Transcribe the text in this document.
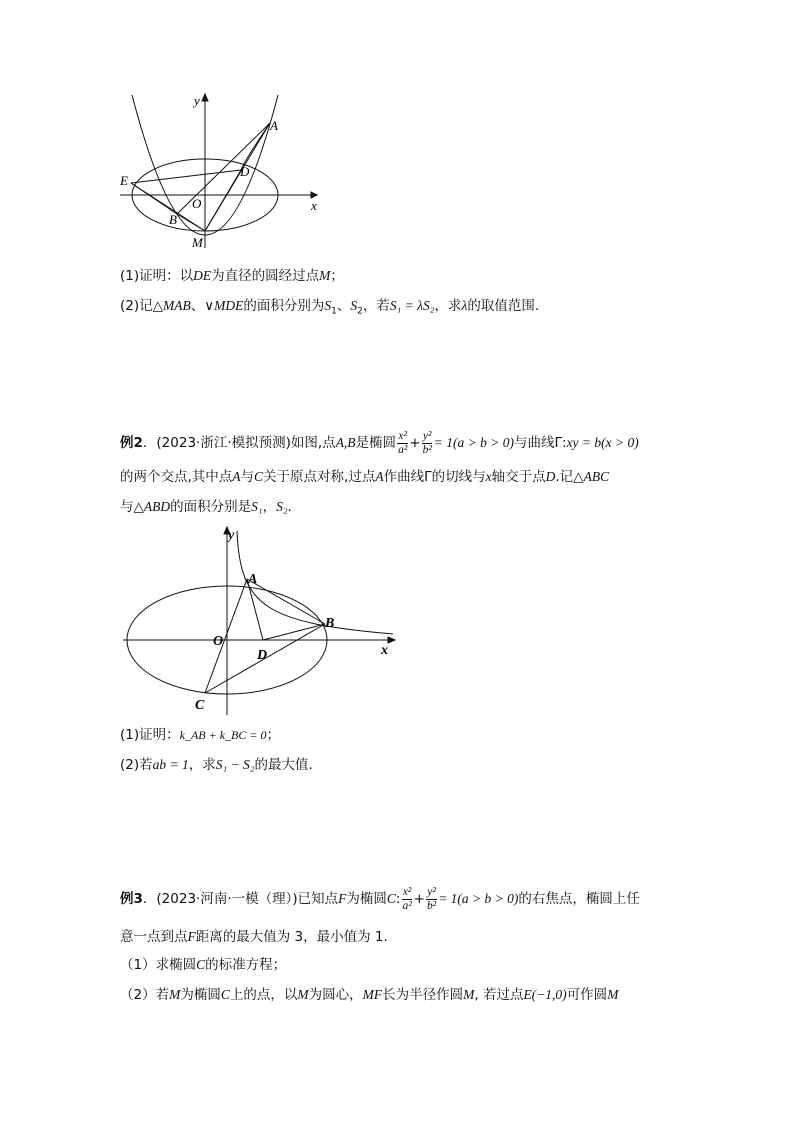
y
A
D
E
O	x
B
M
(1)证明：以DE为直径的圆经过点M；
(2)记△MAB、∨MDE的面积分别为$S_1$、$S_2$，若S₁ = λS₂，求λ的取值范围.
例2．(2023·浙江·模拟预测)如图,点A,B是椭圆 $\frac{\text{x²}}{\text{a²}} + \frac{\text{y²}}{\text{b²}} = 1(a > b > 0)$与曲线Γ:xy = b(x > 0)
的两个交点,其中点A与C关于原点对称,过点A作曲线Γ的切线与x轴交于点D.记△ABC
与△ABD的面积分别是S₁，S₂.
y
A
B
O
D	x
C
(1)证明：k_AB + k_BC = 0；
(2)若ab = 1，求S₁ − S₂的最大值.
例3．(2023·河南·一模（理）)已知点F为椭圆C: $\frac{\text{x²}}{\text{a²}} + \frac{\text{y²}}{\text{b²}} = 1(a > b > 0)$的右焦点，椭圆上任
意一点到点F距离的最大值为 3，最小值为 1.
（1）求椭圆C的标准方程；
（2）若M为椭圆C上的点，以M为圆心，MF长为半径作圆M, 若过点E(−1,0)可作圆M
